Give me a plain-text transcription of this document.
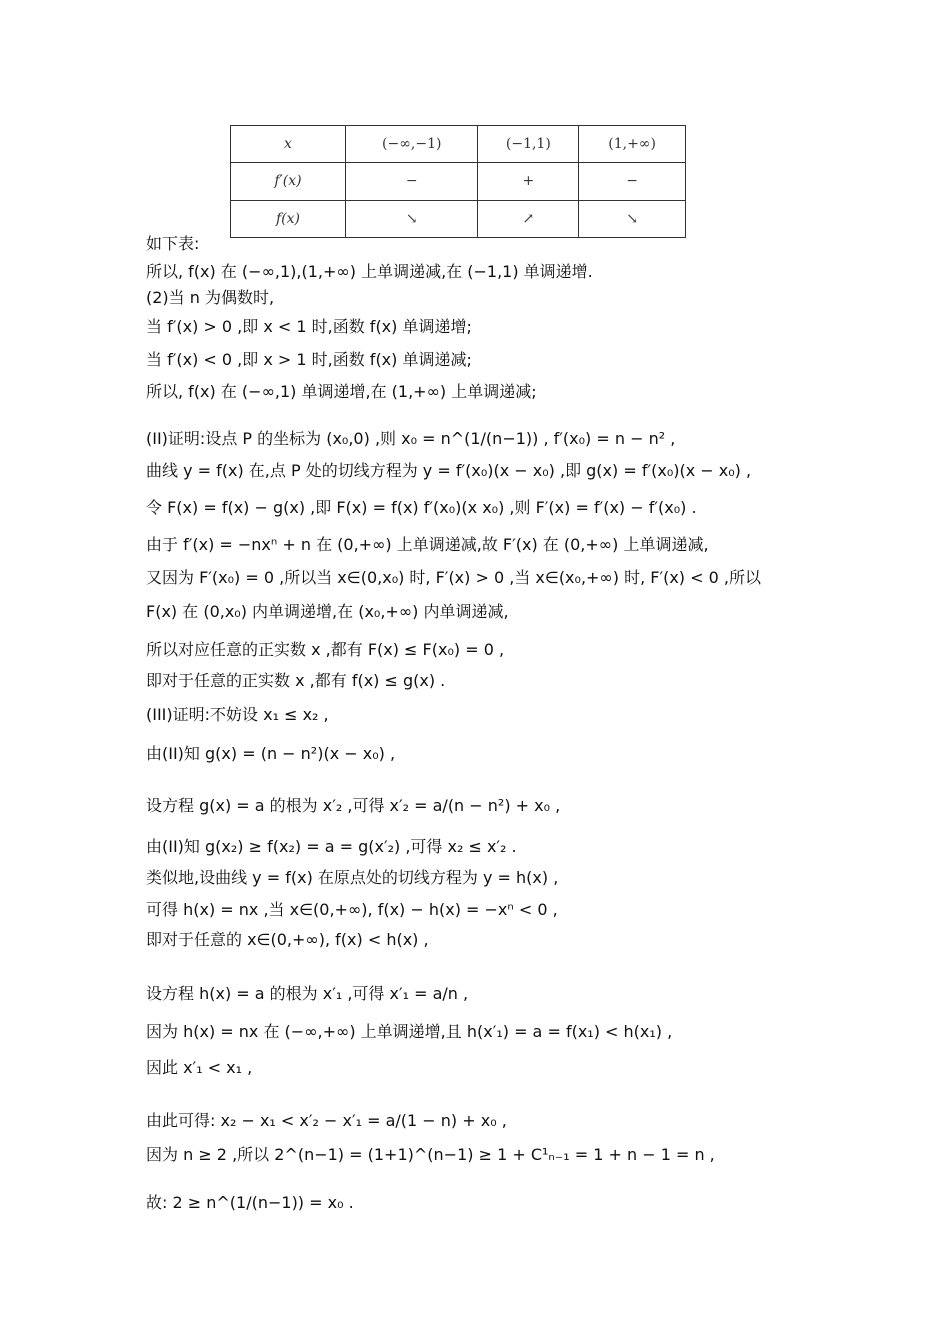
x	(−∞,−1)	(−1,1)	(1,+∞)
f′(x)	−	+	−
f(x)	↘	↗	↘
如下表:
所以, f(x) 在 (−∞,1),(1,+∞) 上单调递减,在 (−1,1) 单调递增.
(2)当 n 为偶数时,
当 f′(x) > 0 ,即 x < 1 时,函数 f(x) 单调递增;
当 f′(x) < 0 ,即 x > 1 时,函数 f(x) 单调递减;
所以, f(x) 在 (−∞,1) 单调递增,在 (1,+∞) 上单调递减;
(II)证明:设点 P 的坐标为 (x₀,0) ,则 x₀ = n^(1/(n−1)) , f′(x₀) = n − n² ,
曲线 y = f(x) 在,点 P 处的切线方程为 y = f′(x₀)(x − x₀) ,即 g(x) = f′(x₀)(x − x₀) ,
令 F(x) = f(x) − g(x) ,即 F(x) = f(x) f′(x₀)(x x₀) ,则 F′(x) = f′(x) − f′(x₀) .
由于 f′(x) = −nxⁿ + n 在 (0,+∞) 上单调递减,故 F′(x) 在 (0,+∞) 上单调递减,
又因为 F′(x₀) = 0 ,所以当 x∈(0,x₀) 时, F′(x) > 0 ,当 x∈(x₀,+∞) 时, F′(x) < 0 ,所以
F(x) 在 (0,x₀) 内单调递增,在 (x₀,+∞) 内单调递减,
所以对应任意的正实数 x ,都有 F(x) ≤ F(x₀) = 0 ,
即对于任意的正实数 x ,都有 f(x) ≤ g(x) .
(III)证明:不妨设 x₁ ≤ x₂ ,
由(II)知 g(x) = (n − n²)(x − x₀) ,
设方程 g(x) = a 的根为 x′₂ ,可得 x′₂ = a/(n − n²) + x₀ ,
由(II)知 g(x₂) ≥ f(x₂) = a = g(x′₂) ,可得 x₂ ≤ x′₂ .
类似地,设曲线 y = f(x) 在原点处的切线方程为 y = h(x) ,
可得 h(x) = nx ,当 x∈(0,+∞), f(x) − h(x) = −xⁿ < 0 ,
即对于任意的 x∈(0,+∞), f(x) < h(x) ,
设方程 h(x) = a 的根为 x′₁ ,可得 x′₁ = a/n ,
因为 h(x) = nx 在 (−∞,+∞) 上单调递增,且 h(x′₁) = a = f(x₁) < h(x₁) ,
因此 x′₁ < x₁ ,
由此可得: x₂ − x₁ < x′₂ − x′₁ = a/(1 − n) + x₀ ,
因为 n ≥ 2 ,所以 2^(n−1) = (1+1)^(n−1) ≥ 1 + C¹ₙ₋₁ = 1 + n − 1 = n ,
故: 2 ≥ n^(1/(n−1)) = x₀ .
